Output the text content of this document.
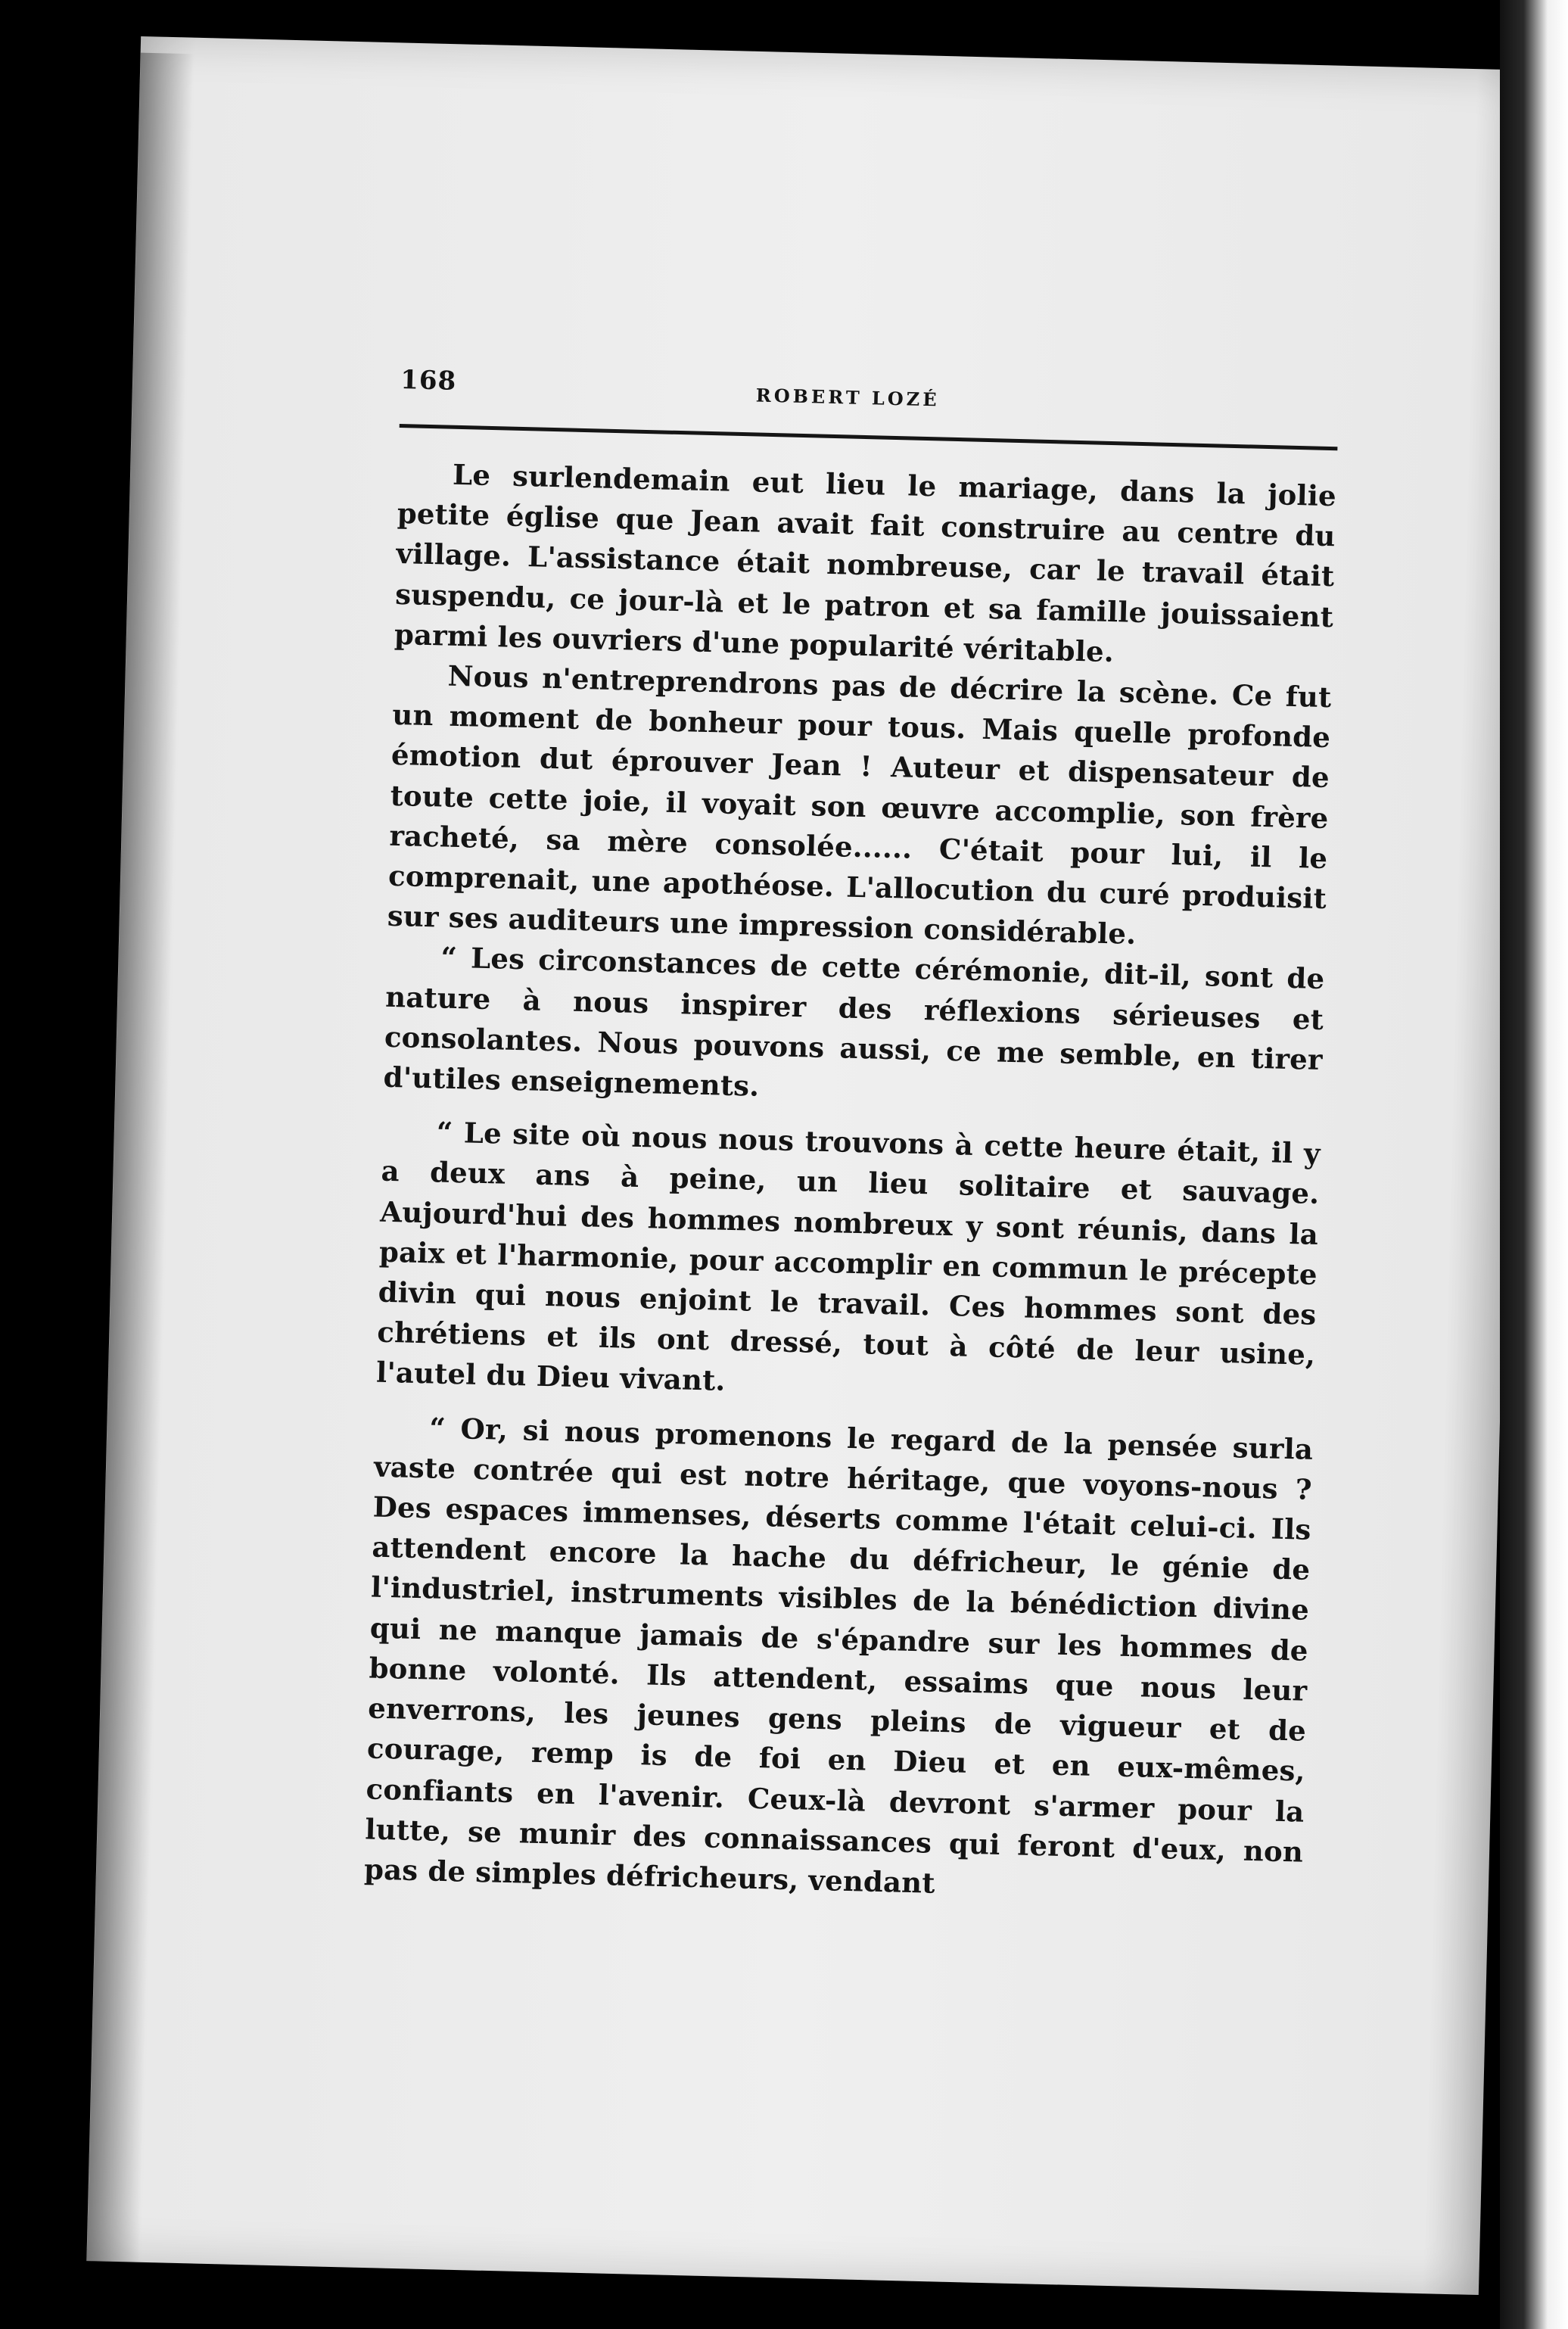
168
ROBERT LOZÉ

Le surlendemain eut lieu le mariage, dans la jolie petite église que Jean avait fait construire au centre du village. L'assistance était nombreuse, car le travail était suspendu, ce jour-là et le patron et sa famille jouissaient parmi les ouvriers d'une popularité véritable.

Nous n'entreprendrons pas de décrire la scène. Ce fut un moment de bonheur pour tous. Mais quelle profonde émotion dut éprouver Jean ! Auteur et dispensateur de toute cette joie, il voyait son œuvre accomplie, son frère racheté, sa mère consolée...... C'était pour lui, il le comprenait, une apothéose. L'allocution du curé produisit sur ses auditeurs une impression considérable.

“ Les circonstances de cette cérémonie, dit-il, sont de nature à nous inspirer des réflexions sérieuses et consolantes. Nous pouvons aussi, ce me semble, en tirer d'utiles enseignements.

“ Le site où nous nous trouvons à cette heure était, il y a deux ans à peine, un lieu solitaire et sauvage. Aujourd'hui des hommes nombreux y sont réunis, dans la paix et l'harmonie, pour accomplir en commun le précepte divin qui nous enjoint le travail. Ces hommes sont des chrétiens et ils ont dressé, tout à côté de leur usine, l'autel du Dieu vivant.

“ Or, si nous promenons le regard de la pensée surla vaste contrée qui est notre héritage, que voyons-nous ? Des espaces immenses, déserts comme l'était celui-ci. Ils attendent encore la hache du défricheur, le génie de l'industriel, instruments visibles de la bénédiction divine qui ne manque jamais de s'épandre sur les hommes de bonne volonté. Ils attendent, essaims que nous leur enverrons, les jeunes gens pleins de vigueur et de courage, remp is de foi en Dieu et en eux-mêmes, confiants en l'avenir. Ceux-là devront s'armer pour la lutte, se munir des connaissances qui feront d'eux, non pas de simples défricheurs, vendant
